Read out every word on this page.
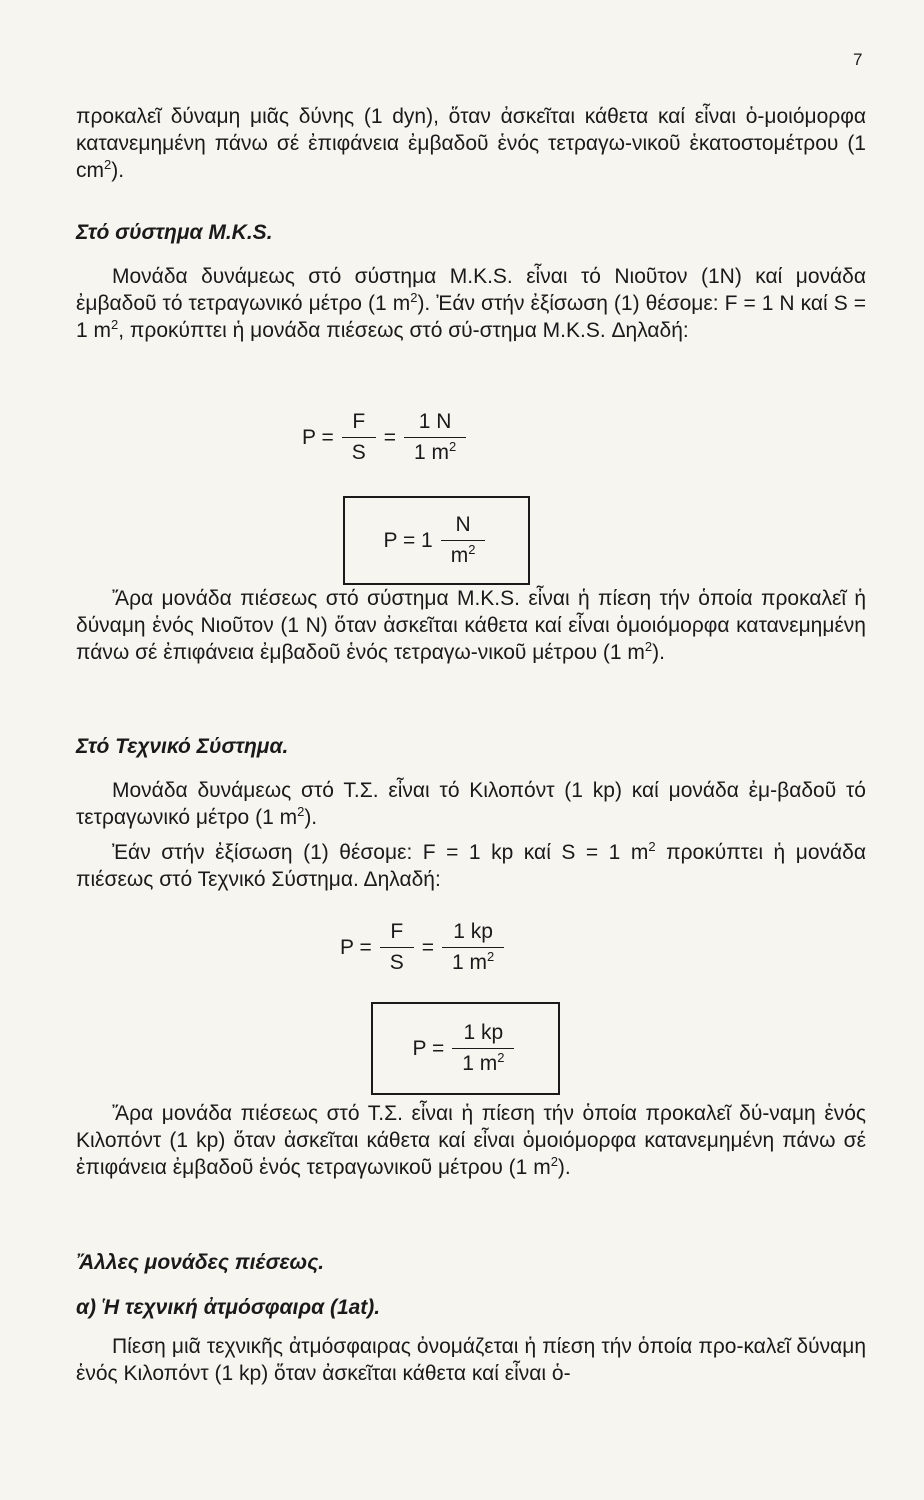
7

προκαλεῖ δύναμη μιᾶς δύνης (1 dyn), ὅταν ἀσκεῖται κάθετα καί εἶναι ὁ-μοιόμορφα κατανεμημένη πάνω σέ ἐπιφάνεια ἐμβαδοῦ ἑνός τετραγω-νικοῦ ἑκατοστομέτρου (1 $cm^2$).

Στό σύστημα Μ.Κ.S.

Μονάδα δυνάμεως στό σύστημα Μ.Κ.S. εἶναι τό Νιοῦτον (1Ν) καί μονάδα ἐμβαδοῦ τό τετραγωνικό μέτρο (1 $m^2$). Ἐάν στήν ἐξίσωση (1) θέσομε: F = 1 N καί S = 1 $m^2$, προκύπτει ἡ μονάδα πιέσεως στό σύ-στημα Μ.Κ.S. Δηλαδή:

$P = \frac{F}{S} = \frac{1 N}{1 m^2}$
$P = 1 \frac{N}{m^2}$

Ἄρα μονάδα πιέσεως στό σύστημα Μ.Κ.S. εἶναι ἡ πίεση τήν ὁποία προκαλεῖ ἡ δύναμη ἑνός Νιοῦτον (1 Ν) ὅταν ἀσκεῖται κάθετα καί εἶναι ὁμοιόμορφα κατανεμημένη πάνω σέ ἐπιφάνεια ἐμβαδοῦ ἑνός τετραγω-νικοῦ μέτρου (1 $m^2$).

Στό Τεχνικό Σύστημα.

Μονάδα δυνάμεως στό Τ.Σ. εἶναι τό Κιλοπόντ (1 kp) καί μονάδα ἐμ-βαδοῦ τό τετραγωνικό μέτρο (1 $m^2$).

Ἐάν στήν ἐξίσωση (1) θέσομε: F = 1 kp καί S = 1 $m^2$ προκύπτει ἡ μονάδα πιέσεως στό Τεχνικό Σύστημα. Δηλαδή:

$P = \frac{F}{S} = \frac{1 kp}{1 m^2}$
$P = \frac{1 kp}{1 m^2}$

Ἄρα μονάδα πιέσεως στό Τ.Σ. εἶναι ἡ πίεση τήν ὁποία προκαλεῖ δύ-ναμη ἑνός Κιλοπόντ (1 kp) ὅταν ἀσκεῖται κάθετα καί εἶναι ὁμοιόμορφα κατανεμημένη πάνω σέ ἐπιφάνεια ἐμβαδοῦ ἑνός τετραγωνικοῦ μέτρου (1 $m^2$).

Ἄλλες μονάδες πιέσεως.
α) Ἡ τεχνική ἀτμόσφαιρα (1at).

Πίεση μιᾶ τεχνικῆς ἀτμόσφαιρας ὀνομάζεται ἡ πίεση τήν ὁποία προ-καλεῖ δύναμη ἑνός Κιλοπόντ (1 kp) ὅταν ἀσκεῖται κάθετα καί εἶναι ὁ-
